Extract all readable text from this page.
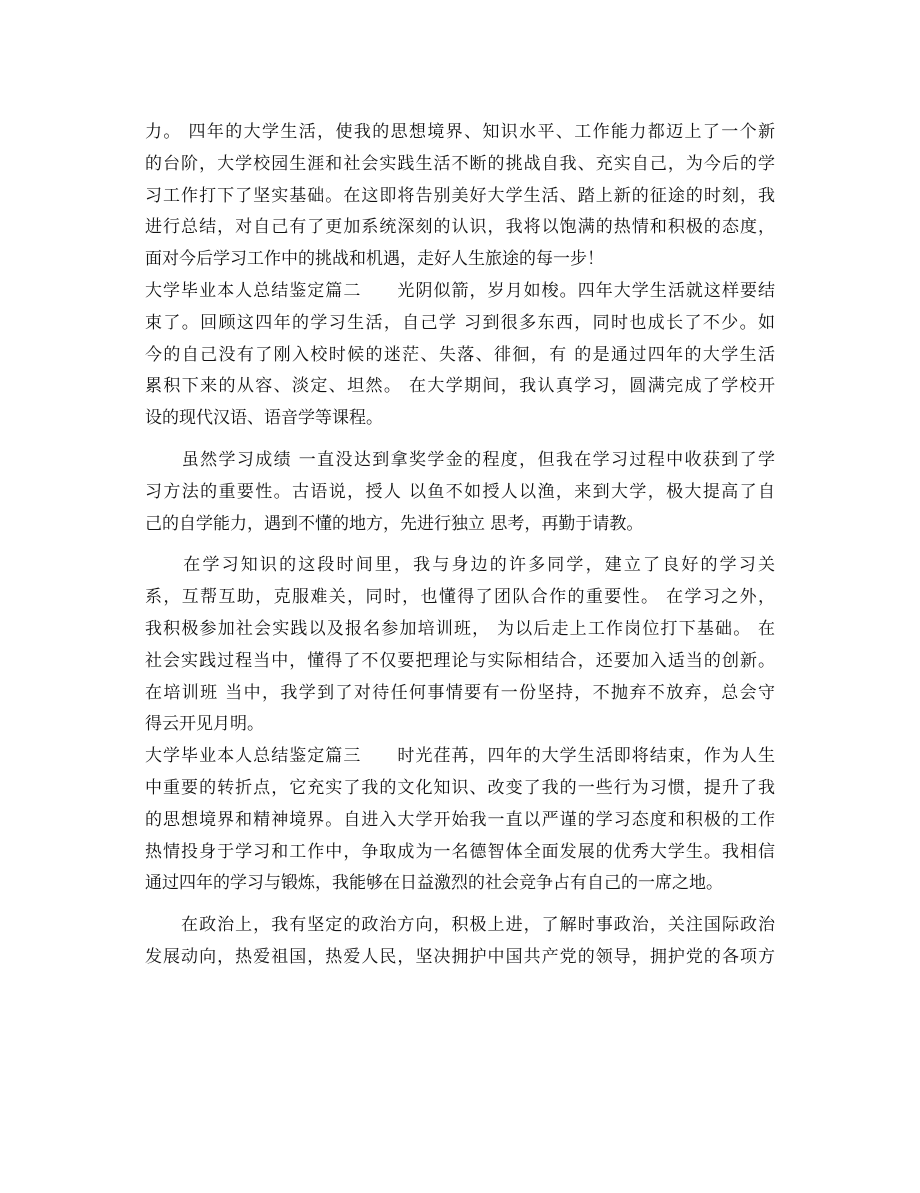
力。 四年的大学生活，使我的思想境界、知识水平、工作能力都迈上了一个新
的台阶，大学校园生涯和社会实践生活不断的挑战自我、充实自己，为今后的学
习工作打下了坚实基础。在这即将告别美好大学生活、踏上新的征途的时刻，我
进行总结，对自己有了更加系统深刻的认识，我将以饱满的热情和积极的态度，
面对今后学习工作中的挑战和机遇，走好人生旅途的每一步！
大学毕业本人总结鉴定篇二　　光阴似箭，岁月如梭。四年大学生活就这样要结
束了。回顾这四年的学习生活，自己学 习到很多东西，同时也成长了不少。如
今的自己没有了刚入校时候的迷茫、失落、徘徊，有 的是通过四年的大学生活
累积下来的从容、淡定、坦然。 在大学期间，我认真学习，圆满完成了学校开
设的现代汉语、语音学等课程。
　　虽然学习成绩 一直没达到拿奖学金的程度，但我在学习过程中收获到了学
习方法的重要性。古语说，授人 以鱼不如授人以渔，来到大学，极大提高了自
己的自学能力，遇到不懂的地方，先进行独立 思考，再勤于请教。
　　在学习知识的这段时间里，我与身边的许多同学，建立了良好的学习关
系，互帮互助，克服难关，同时，也懂得了团队合作的重要性。 在学习之外，
我积极参加社会实践以及报名参加培训班， 为以后走上工作岗位打下基础。 在
社会实践过程当中，懂得了不仅要把理论与实际相结合，还要加入适当的创新。
在培训班 当中，我学到了对待任何事情要有一份坚持，不抛弃不放弃，总会守
得云开见月明。
大学毕业本人总结鉴定篇三　　时光荏苒，四年的大学生活即将结束，作为人生
中重要的转折点，它充实了我的文化知识、改变了我的一些行为习惯，提升了我
的思想境界和精神境界。自进入大学开始我一直以严谨的学习态度和积极的工作
热情投身于学习和工作中，争取成为一名德智体全面发展的优秀大学生。我相信
通过四年的学习与锻炼，我能够在日益激烈的社会竞争占有自己的一席之地。
　　在政治上，我有坚定的政治方向，积极上进，了解时事政治，关注国际政治
发展动向，热爱祖国，热爱人民，坚决拥护中国共产党的领导，拥护党的各项方
